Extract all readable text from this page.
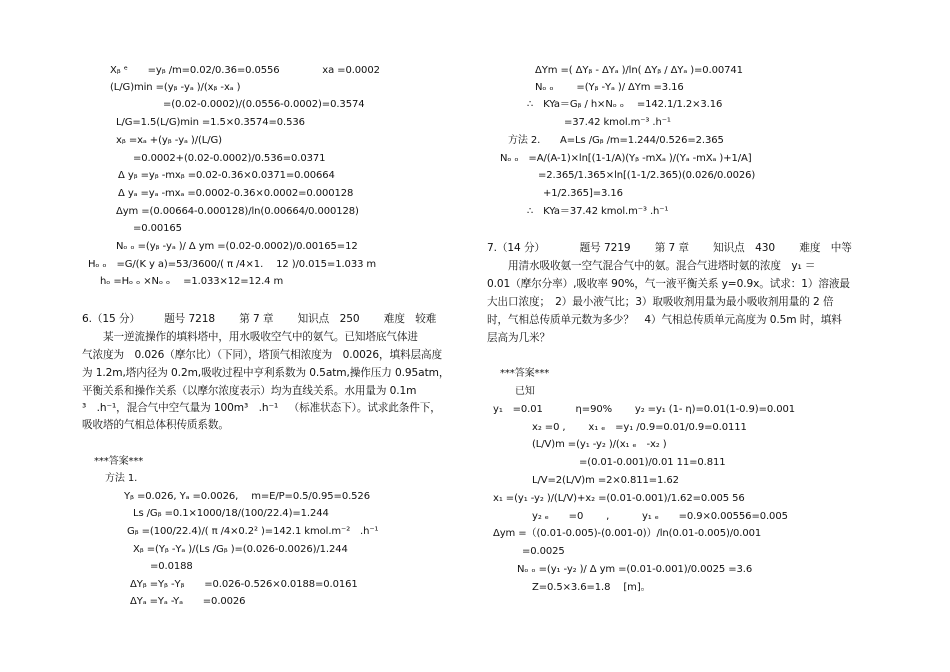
Xᵦ ᵉ  =yᵦ /m=0.02/0.36=0.0556     xa =0.0002
(L/G)min =(yᵦ -yₐ )/(xᵦ -xₐ )
=(0.02-0.0002)/(0.0556-0.0002)=0.3574
L/G=1.5(L/G)min =1.5×0.3574=0.536
xᵦ =xₐ +(yᵦ -yₐ )/(L/G)
=0.0002+(0.02-0.0002)/0.536=0.0371
Δ yᵦ =yᵦ -mxᵦ =0.02-0.36×0.0371=0.00664
Δ yₐ =yₐ -mxₐ =0.0002-0.36×0.0002=0.000128
Δym =(0.00664-0.000128)/ln(0.00664/0.000128)
=0.00165
Nₒ ₒ =(yᵦ -yₐ )/ Δ ym =(0.02-0.0002)/0.00165=12
Hₒ ₒ =G/(K y a)=53/3600/( π /4×1.  12 )/0.015=1.033 m
hₒ =Hₒ ₒ ×Nₒ ₒ  =1.033×12=12.4 m
6.（15 分）   题号 7218   第 7 章   知识点　250   难度　较难
某一逆流操作的填料塔中，用水吸收空气中的氨气。已知塔底气体进
气浓度为　0.026（摩尔比）（下同），塔顶气相浓度为　0.0026，填料层高度
为 1.2m,塔内径为 0.2m,吸收过程中亨利系数为 0.5atm,操作压力 0.95atm，
平衡关系和操作关系（以摩尔浓度表示）均为直线关系。水用量为 0.1m
³ .h⁻¹，混合气中空气量为 100m³ .h⁻¹ （标准状态下）。试求此条件下，
吸收塔的气相总体积传质系数。
***答案***
方法 1.
Yᵦ =0.026, Yₐ =0.0026,  m=E/P=0.5/0.95=0.526
Ls /Gᵦ =0.1×1000/18/(100/22.4)=1.244
Gᵦ =(100/22.4)/( π /4×0.2² )=142.1 kmol.m⁻² .h⁻¹
Xᵦ =(Yᵦ -Yₐ )/(Ls /Gᵦ )=(0.026-0.0026)/1.244
=0.0188
ΔYᵦ =Yᵦ -Yᵦ  =0.026-0.526×0.0188=0.0161
ΔYₐ =Yₐ -Yₐ  =0.0026
ΔYm =( ΔYᵦ - ΔYₐ )/ln( ΔYᵦ / ΔYₐ )=0.00741
Nₒ ₒ   =(Yᵦ -Yₐ )/ ΔYm =3.16
∴ KYa＝Gᵦ / h×Nₒ ₒ  =142.1/1.2×3.16
=37.42 kmol.m⁻³ .h⁻¹
方法 2.  A=Ls /Gᵦ /m=1.244/0.526=2.365
Nₒ ₒ =A/(A-1)×ln[(1-1/A)(Yᵦ -mXₐ )/(Yₐ -mXₐ )+1/A]
=2.365/1.365×ln[(1-1/2.365)(0.026/0.0026)
+1/2.365]=3.16
∴ KYa＝37.42 kmol.m⁻³ .h⁻¹
7.（14 分）    题号 7219   第 7 章   知识点　430   难度　中等
用清水吸收氨一空气混合气中的氨。混合气进塔时氨的浓度　y₁ ＝
0.01（摩尔分率）,吸收率 90%，气一液平衡关系 y=0.9x。试求：1）溶液最
大出口浓度；　2）最小液气比；3）取吸收剂用量为最小吸收剂用量的 2 倍
时，气相总传质单元数为多少？　4）气相总传质单元高度为 0.5m 时，填料
层高为几米？
***答案***
已知
y₁ =0.01    η=90%   y₂ =y₁ (1- η)=0.01(1-0.9)=0.001
x₂ =0 ,   x₁ ₑ =y₁ /0.9=0.01/0.9=0.0111
(L/V)m =(y₁ -y₂ )/(x₁ ₑ -x₂ )
=(0.01-0.001)/0.01 11=0.811
L/V=2(L/V)m =2×0.811=1.62
x₁ =(y₁ -y₂ )/(L/V)+x₂ =(0.01-0.001)/1.62=0.005 56
y₂ ₑ  =0   ,    y₁ ₑ  =0.9×0.00556=0.005
Δym =（(0.01-0.005)-(0.001-0)）/ln(0.01-0.005)/0.001
=0.0025
Nₒ ₒ =(y₁ -y₂ )/ Δ ym =(0.01-0.001)/0.0025 =3.6
Z=0.5×3.6=1.8  [m]。
